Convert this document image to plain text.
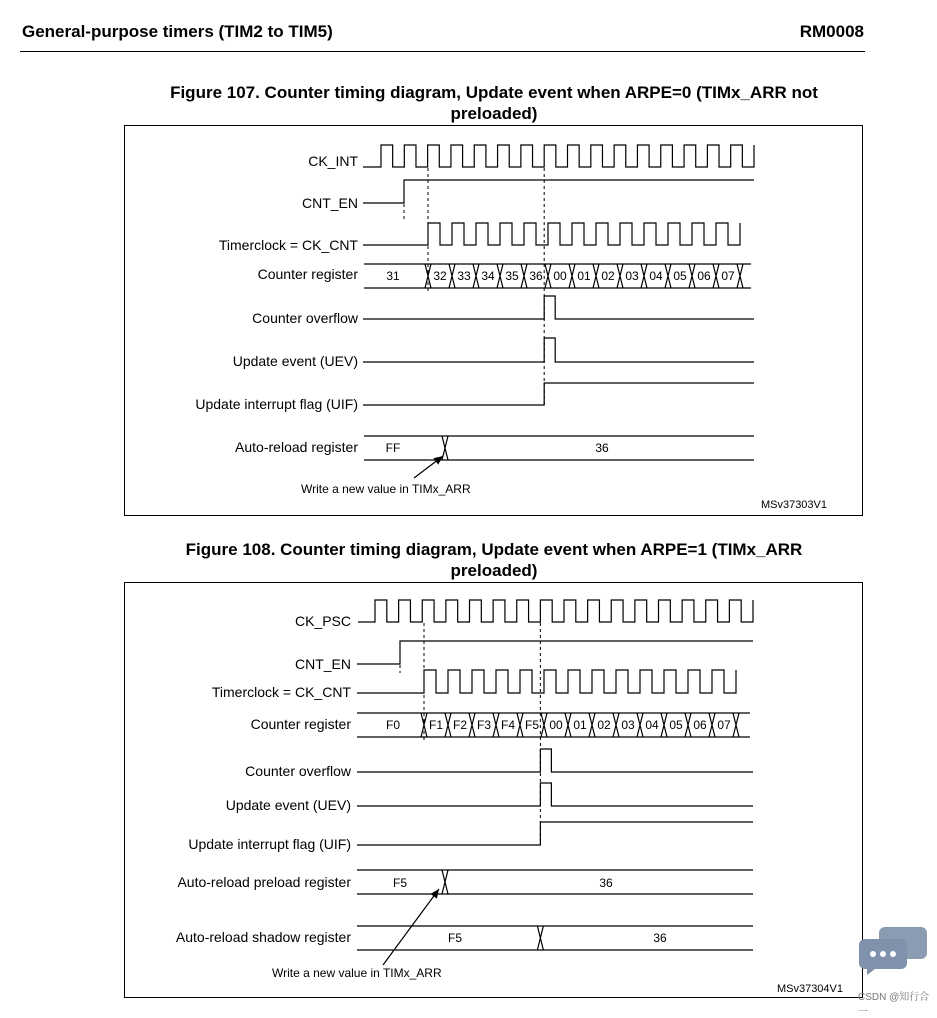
General-purpose timers (TIM2 to TIM5)	RM0008
Figure 107. Counter timing diagram, Update event when ARPE=0 (TIMx_ARR not
preloaded)
CK_INT
CNT_EN
Timerclock = CK_CNT
Counter register 31	32 33 34 35 36 00 01 02 03 04 05 06 07
Counter overflow
Update event (UEV)
Update interrupt flag (UIF)
Auto-reload register FF	36
Write a new value in TIMx_ARR
MSv37303V1
Figure 108. Counter timing diagram, Update event when ARPE=1 (TIMx_ARR
preloaded)
CK_PSC
CNT_EN
Timerclock = CK_CNT
Counter register	F0 F1 F2 F3 F4 F5 00 01 02 03 04 05 06 07
Counter overflow
Update event (UEV)
Update interrupt flag (UIF)
Auto-reload preload register	F5	36
Auto-reload shadow register	F5	36
Write a new value in TIMx_ARR
MSv37304V1
CSDN @知行合一
